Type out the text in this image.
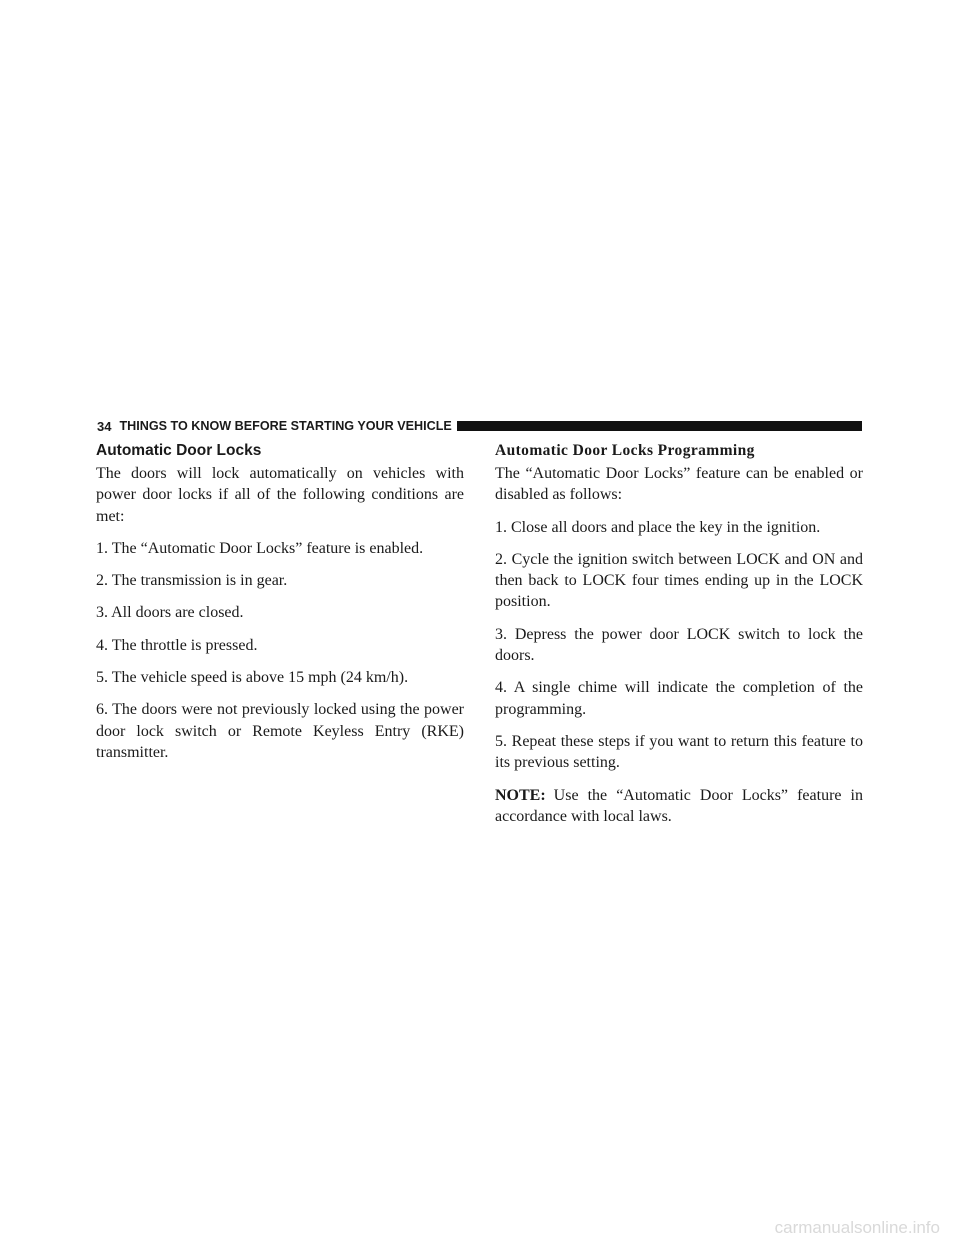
34 THINGS TO KNOW BEFORE STARTING YOUR VEHICLE
Automatic Door Locks

The doors will lock automatically on vehicles with power door locks if all of the following conditions are met:

1. The “Automatic Door Locks” feature is enabled.

2. The transmission is in gear.

3. All doors are closed.

4. The throttle is pressed.

5. The vehicle speed is above 15 mph (24 km/h).

6. The doors were not previously locked using the power door lock switch or Remote Keyless Entry (RKE) transmitter.

Automatic Door Locks Programming

The “Automatic Door Locks” feature can be enabled or disabled as follows:

1. Close all doors and place the key in the ignition.

2. Cycle the ignition switch between LOCK and ON and then back to LOCK four times ending up in the LOCK position.

3. Depress the power door LOCK switch to lock the doors.

4. A single chime will indicate the completion of the programming.

5. Repeat these steps if you want to return this feature to its previous setting.

NOTE: Use the “Automatic Door Locks” feature in accordance with local laws.

carmanualsonline.info
